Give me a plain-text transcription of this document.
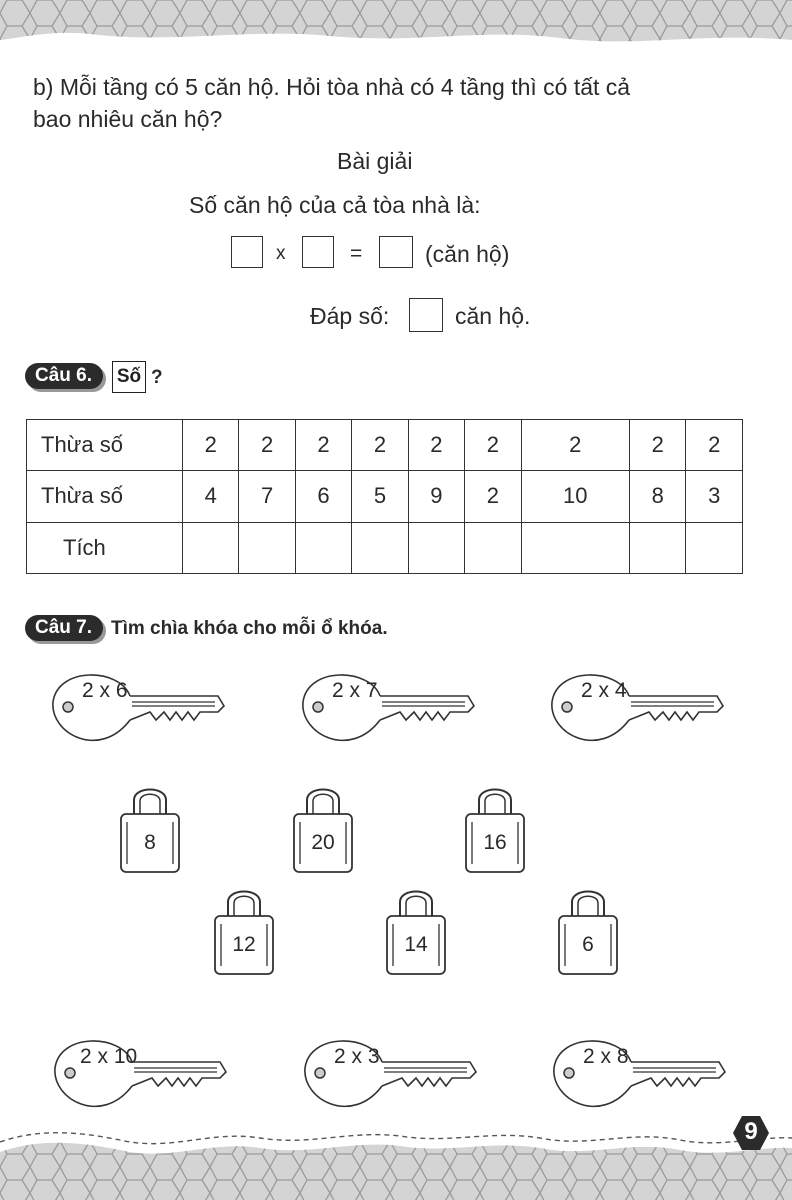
b) Mỗi tầng có 5 căn hộ. Hỏi tòa nhà có 4 tầng thì có tất cả
bao nhiêu căn hộ?
Bài giải
Số căn hộ của cả tòa nhà là:
x	=	(căn hộ)
Đáp số:	căn hộ.
Câu 6.	Số ?
Thừa số	2	2	2	2	2	2	2	2	2
Thừa số	4	7	6	5	9	2	10	8	3
Tích									
Câu 7. Tìm chìa khóa cho mỗi ổ khóa.
2 x 6	2 x 7	2 x 4
8	20	16
12	14	6
2 x 10	2 x 3	2 x 8
9
